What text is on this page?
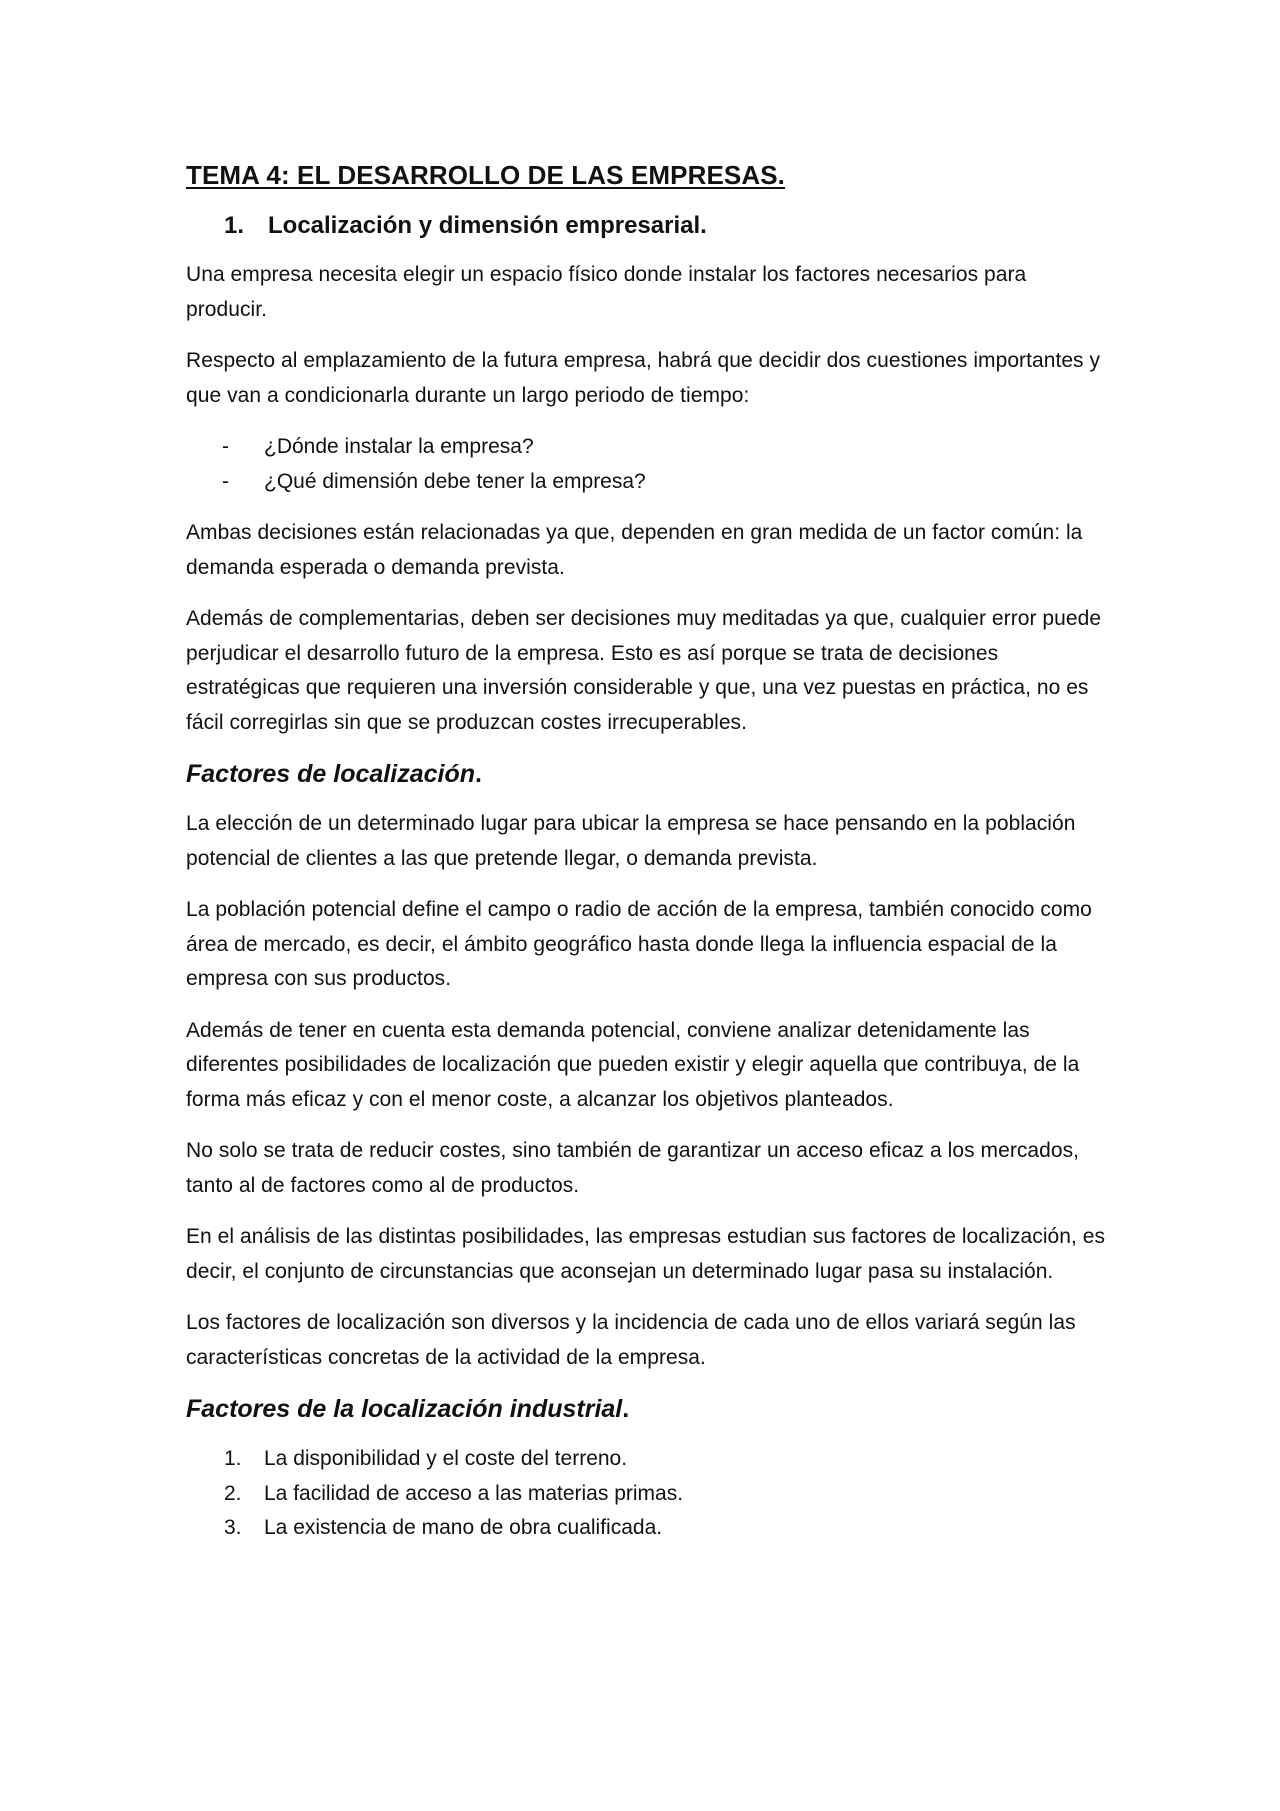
TEMA 4: EL DESARROLLO DE LAS EMPRESAS.
1. Localización y dimensión empresarial.

Una empresa necesita elegir un espacio físico donde instalar los factores necesarios para producir.

Respecto al emplazamiento de la futura empresa, habrá que decidir dos cuestiones importantes y que van a condicionarla durante un largo periodo de tiempo:

-	¿Dónde instalar la empresa?
-	¿Qué dimensión debe tener la empresa?

Ambas decisiones están relacionadas ya que, dependen en gran medida de un factor común: la demanda esperada o demanda prevista.

Además de complementarias, deben ser decisiones muy meditadas ya que, cualquier error puede perjudicar el desarrollo futuro de la empresa. Esto es así porque se trata de decisiones estratégicas que requieren una inversión considerable y que, una vez puestas en práctica, no es fácil corregirlas sin que se produzcan costes irrecuperables.

Factores de localización.

La elección de un determinado lugar para ubicar la empresa se hace pensando en la población potencial de clientes a las que pretende llegar, o demanda prevista.

La población potencial define el campo o radio de acción de la empresa, también conocido como área de mercado, es decir, el ámbito geográfico hasta donde llega la influencia espacial de la empresa con sus productos.

Además de tener en cuenta esta demanda potencial, conviene analizar detenidamente las diferentes posibilidades de localización que pueden existir y elegir aquella que contribuya, de la forma más eficaz y con el menor coste, a alcanzar los objetivos planteados.

No solo se trata de reducir costes, sino también de garantizar un acceso eficaz a los mercados, tanto al de factores como al de productos.

En el análisis de las distintas posibilidades, las empresas estudian sus factores de localización, es decir, el conjunto de circunstancias que aconsejan un determinado lugar pasa su instalación.

Los factores de localización son diversos y la incidencia de cada uno de ellos variará según las características concretas de la actividad de la empresa.

Factores de la localización industrial.
1.	La disponibilidad y el coste del terreno.
2.	La facilidad de acceso a las materias primas.
3.	La existencia de mano de obra cualificada.
